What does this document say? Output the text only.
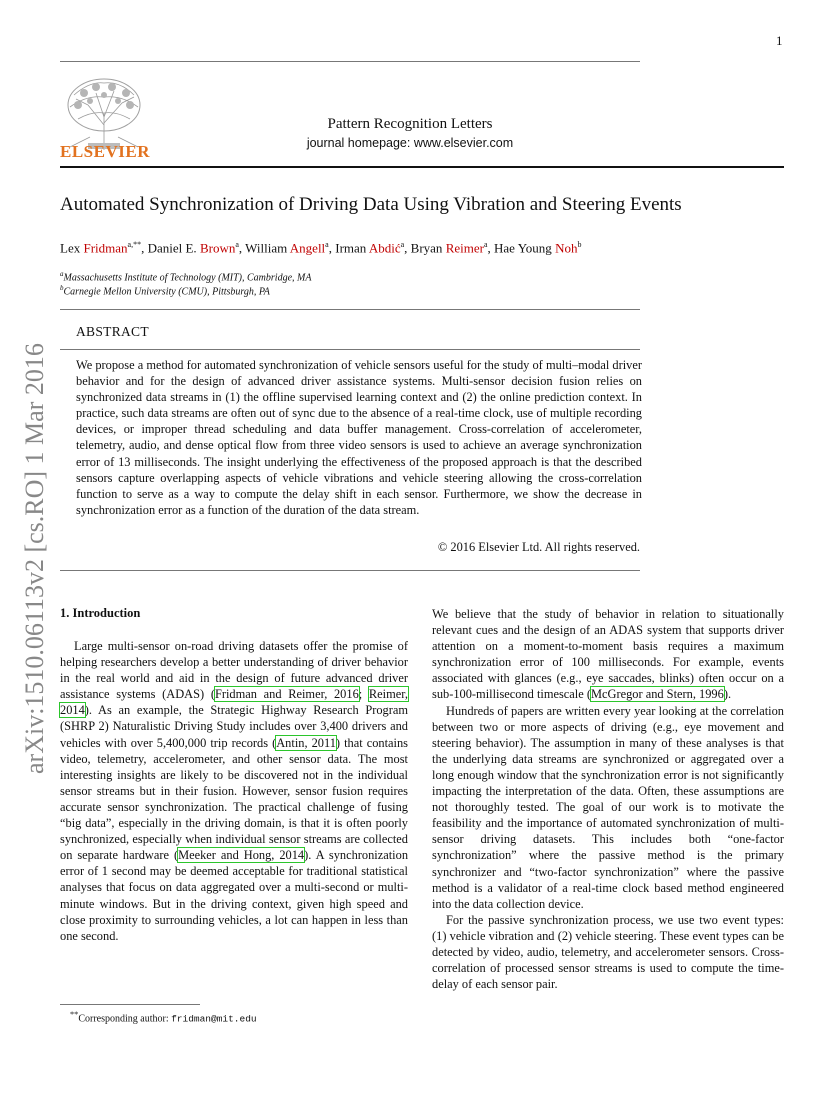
1
ELSEVIER
Pattern Recognition Letters
journal homepage: www.elsevier.com
Automated Synchronization of Driving Data Using Vibration and Steering Events
Lex Fridman$^{a,**}$, Daniel E. Brown$^a$, William Angell$^a$, Irman Abdić$^a$, Bryan Reimer$^a$, Hae Young Noh$^b$
$^a$Massachusetts Institute of Technology (MIT), Cambridge, MA
$^b$Carnegie Mellon University (CMU), Pittsburgh, PA
ABSTRACT
We propose a method for automated synchronization of vehicle sensors useful for the study of multi–modal driver behavior and for the design of advanced driver assistance systems. Multi-sensor decision fusion relies on synchronized data streams in (1) the offline supervised learning context and (2) the online prediction context. In practice, such data streams are often out of sync due to the absence of a real-time clock, use of multiple recording devices, or improper thread scheduling and data buffer management. Cross-correlation of accelerometer, telemetry, audio, and dense optical flow from three video sensors is used to achieve an average synchronization error of 13 milliseconds. The insight underlying the effectiveness of the proposed approach is that the described sensors capture overlapping aspects of vehicle vibrations and vehicle steering allowing the cross-correlation function to serve as a way to compute the delay shift in each sensor. Furthermore, we show the decrease in synchronization error as a function of the duration of the data stream.
© 2016 Elsevier Ltd. All rights reserved.
arXiv:1510.06113v2 [cs.RO] 1 Mar 2016 1. Introduction

Large multi-sensor on-road driving datasets offer the promise of helping researchers develop a better understanding of driver behavior in the real world and aid in the design of future advanced driver assistance systems (ADAS) (Fridman and Reimer, 2016; Reimer, 2014). As an example, the Strategic Highway Research Program (SHRP 2) Naturalistic Driving Study includes over 3,400 drivers and vehicles with over 5,400,000 trip records (Antin, 2011) that contains video, telemetry, accelerometer, and other sensor data. The most interesting insights are likely to be discovered not in the individual sensor streams but in their fusion. However, sensor fusion requires accurate sensor synchronization. The practical challenge of fusing “big data”, especially in the driving domain, is that it is often poorly synchronized, especially when individual sensor streams are collected on separate hardware (Meeker and Hong, 2014). A synchronization error of 1 second may be deemed acceptable for traditional statistical analyses that focus on data aggregated over a multi-second or multi-minute windows. But in the driving context, given high speed and close proximity to surrounding vehicles, a lot can happen in less than one second.

We believe that the study of behavior in relation to situationally relevant cues and the design of an ADAS system that supports driver attention on a moment-to-moment basis requires a maximum synchronization error of 100 milliseconds. For example, events associated with glances (e.g., eye saccades, blinks) often occur on a sub-100-millisecond timescale (McGregor and Stern, 1996).

Hundreds of papers are written every year looking at the correlation between two or more aspects of driving (e.g., eye movement and steering behavior). The assumption in many of these analyses is that the underlying data streams are synchronized or aggregated over a long enough window that the synchronization error is not significantly impacting the interpretation of the data. Often, these assumptions are not thoroughly tested. The goal of our work is to motivate the feasibility and the importance of automated synchronization of multi-sensor driving datasets. This includes both “one-factor synchronization” where the passive method is the primary synchronizer and “two-factor synchronization” where the passive method is a validator of a real-time clock based method engineered into the data collection device.

For the passive synchronization process, we use two event types: (1) vehicle vibration and (2) vehicle steering. These event types can be detected by video, audio, telemetry, and accelerometer sensors. Cross-correlation of processed sensor streams is used to compute the time-delay of each sensor pair.

**Corresponding author: fridman@mit.edu
